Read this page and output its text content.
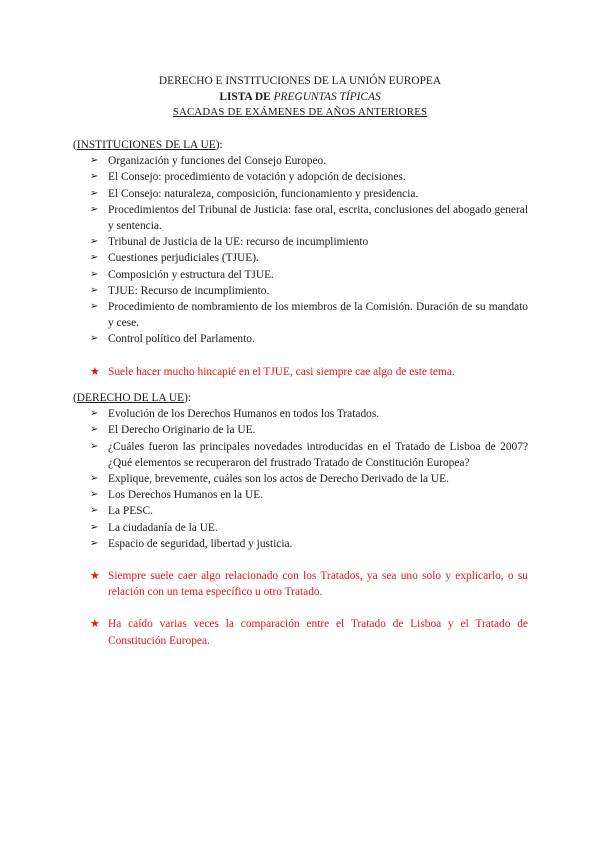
DERECHO E INSTITUCIONES DE LA UNIÓN EUROPEA
LISTA DE PREGUNTAS TÍPICAS
SACADAS DE EXÁMENES DE AÑOS ANTERIORES
(INSTITUCIONES DE LA UE):
➢ Organización y funciones del Consejo Europeo.
➢ El Consejo: procedimiento de votación y adopción de decisiones.
➢ El Consejo: naturaleza, composición, funcionamiento y presidencia.
➢ Procedimientos del Tribunal de Justicia: fase oral, escrita, conclusiones del abogado general y sentencia.
➢ Tribunal de Justicia de la UE: recurso de incumplimiento
➢ Cuestiones perjudiciales (TJUE).
➢ Composición y estructura del TJUE.
➢ TJUE: Recurso de incumplimiento.
➢ Procedimiento de nombramiento de los miembros de la Comisión. Duración de su mandato y cese.
➢ Control político del Parlamento.
★ Suele hacer mucho hincapié en el TJUE, casi siempre cae algo de este tema.
(DERECHO DE LA UE):
➢ Evolución de los Derechos Humanos en todos los Tratados.
➢ El Derecho Originario de la UE.
➢ ¿Cuáles fueron las principales novedades introducidas en el Tratado de Lisboa de 2007? ¿Qué elementos se recuperaron del frustrado Tratado de Constitución Europea?
➢ Explique, brevemente, cuáles son los actos de Derecho Derivado de la UE.
➢ Los Derechos Humanos en la UE.
➢ La PESC.
➢ La ciudadanía de la UE.
➢ Espacio de seguridad, libertad y justicia.
★ Siempre suele caer algo relacionado con los Tratados, ya sea uno solo y explicarlo, o su relación con un tema específico u otro Tratado.
★ Ha caído varias veces la comparación entre el Tratado de Lisboa y el Tratado de Constitución Europea.
